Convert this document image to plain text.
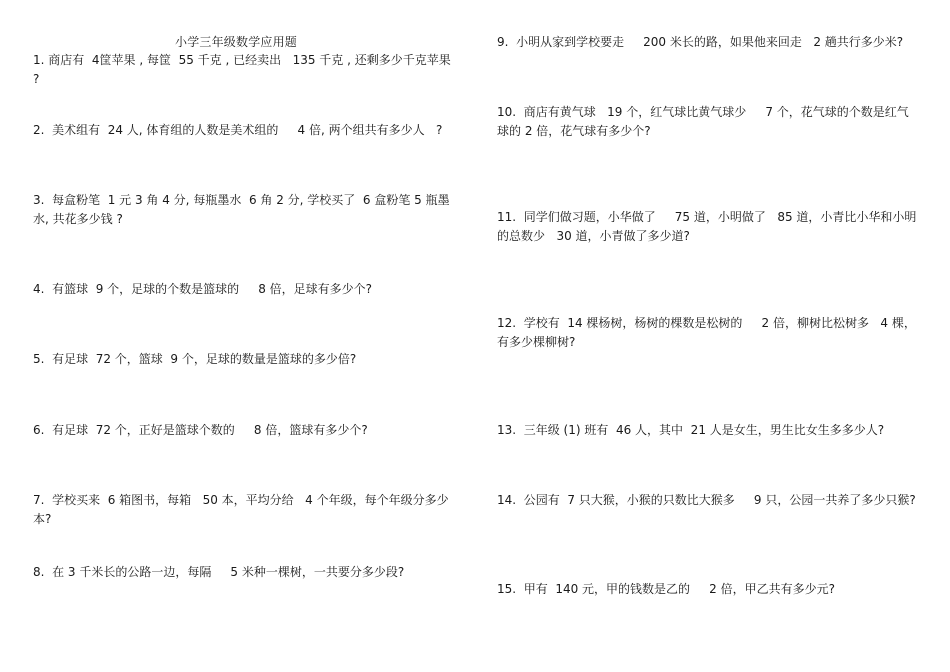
小学三年级数学应用题
1. 商店有  4筐苹果 , 每筐  55 千克 , 已经卖出   135 千克 , 还剩多少千克苹果   ?
2.  美术组有  24 人, 体育组的人数是美术组的     4 倍, 两个组共有多少人   ?
3.  每盒粉笔  1 元 3 角 4 分, 每瓶墨水  6 角 2 分, 学校买了  6 盒粉笔 5 瓶墨水, 共花多少钱 ?
4.  有篮球  9 个，足球的个数是篮球的     8 倍，足球有多少个?
5.  有足球  72 个，篮球  9 个，足球的数量是篮球的多少倍?
6.  有足球  72 个，正好是篮球个数的     8 倍，篮球有多少个?
7.  学校买来  6 箱图书，每箱   50 本，平均分给   4 个年级，每个年级分多少本?
8.  在 3 千米长的公路一边，每隔     5 米种一棵树，一共要分多少段?
9.  小明从家到学校要走     200 米长的路，如果他来回走   2 趟共行多少米?
10.  商店有黄气球   19 个，红气球比黄气球少     7 个，花气球的个数是红气球的 2 倍，花气球有多少个?
11.  同学们做习题，小华做了     75 道，小明做了   85 道，小青比小华和小明的总数少   30 道，小青做了多少道?
12.  学校有  14 棵杨树，杨树的棵数是松树的     2 倍，柳树比松树多   4 棵，有多少棵柳树?
13.  三年级 (1) 班有  46 人，其中  21 人是女生，男生比女生多多少人?
14.  公园有  7 只大猴，小猴的只数比大猴多     9 只，公园一共养了多少只猴?
15.  甲有  140 元，甲的钱数是乙的     2 倍，甲乙共有多少元?
